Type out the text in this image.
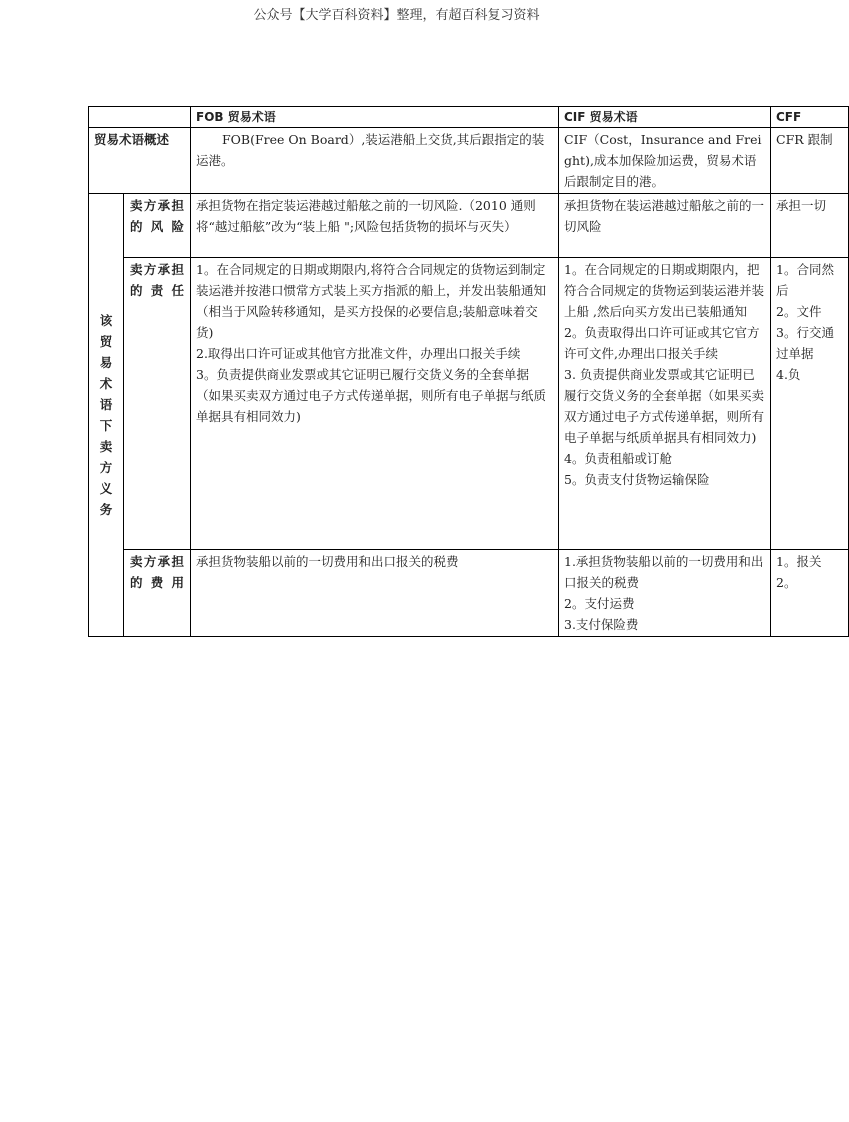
公众号【大学百科资料】整理，有超百科复习资料
		FOB 贸易术语	CIF 贸易术语	CFF
贸易术语概述		FOB(Free On Board）,装运港船上交货,其后跟指定的装运港。	CIF（Cost，Insurance and Freight),成本加保险加运费，贸易术语后跟制定目的港。	CFR 跟制

该贸易术语下卖方义务	卖方承担的风险	承担货物在指定装运港越过船舷之前的一切风险.（2010 通则将“越过船舷”改为“装上船 ";风险包括货物的损坏与灭失）	承担货物在装运港越过船舷之前的一切风险	承担一切
	卖方承担的责任	1。在合同规定的日期或期限内,将符合合同规定的货物运到制定装运港并按港口惯常方式装上买方指派的船上，并发出装船通知（相当于风险转移通知，是买方投保的必要信息;装船意味着交货)
2.取得出口许可证或其他官方批准文件，办理出口报关手续
3。负责提供商业发票或其它证明已履行交货义务的全套单据（如果买卖双方通过电子方式传递单据，则所有电子单据与纸质单据具有相同效力)	1。在合同规定的日期或期限内，把符合合同规定的货物运到装运港并装上船 ,然后向买方发出已装船通知
2。负责取得出口许可证或其它官方许可文件,办理出口报关手续
3. 负责提供商业发票或其它证明已履行交货义务的全套单据（如果买卖双方通过电子方式传递单据，则所有电子单据与纸质单据具有相同效力)
4。负责租船或订舱
5。负责支付货物运输保险	1。合同然后
2。文件
3。行交通过单据
4.负

	卖方承担的费用	承担货物装船以前的一切费用和出口报关的税费	1.承担货物装船以前的一切费用和出口报关的税费
2。支付运费
3.支付保险费	1。报关
2。
